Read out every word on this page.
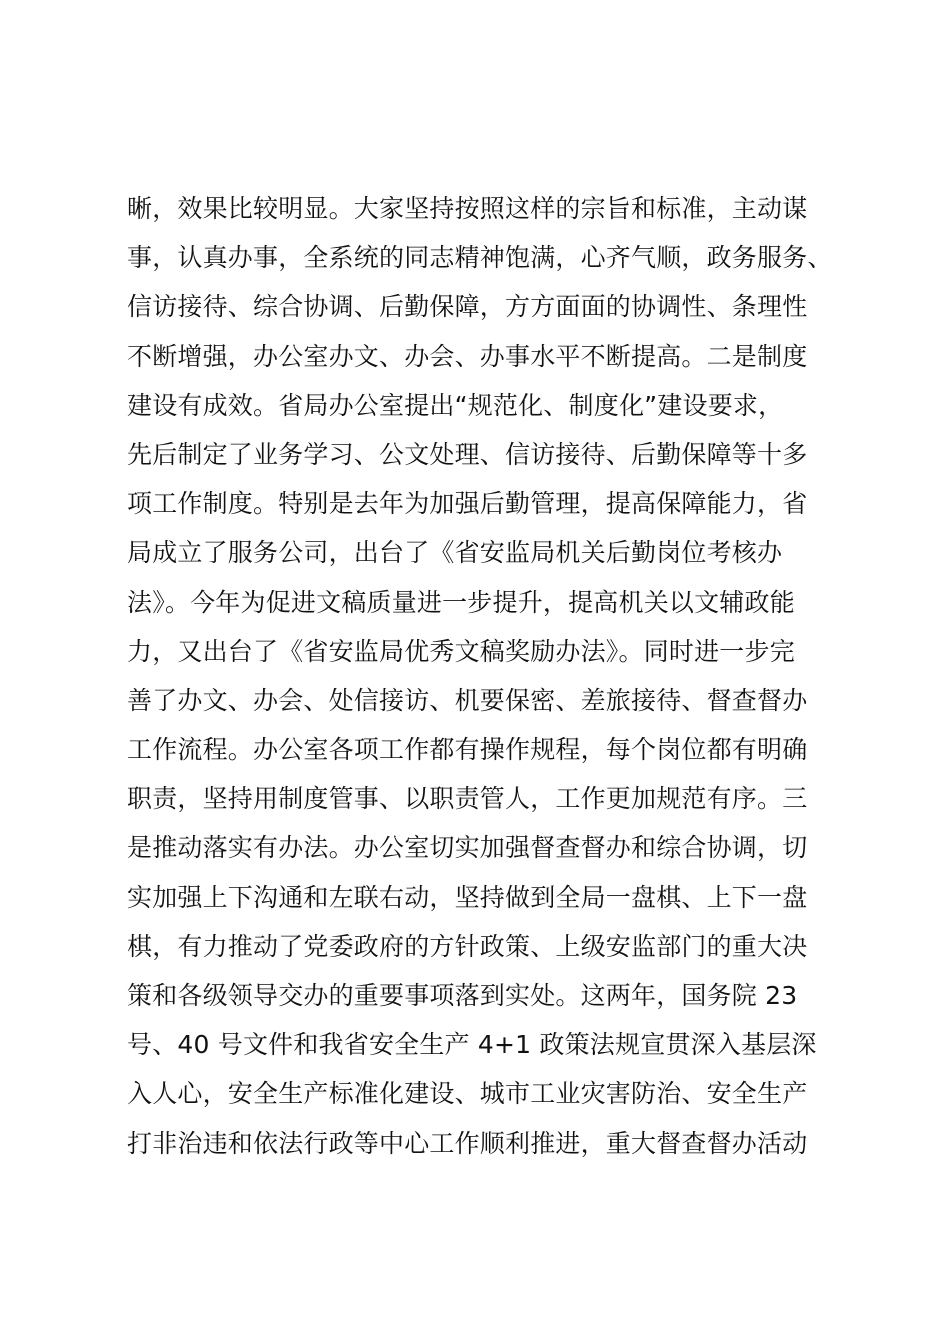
晰，效果比较明显。大家坚持按照这样的宗旨和标准，主动谋
事，认真办事，全系统的同志精神饱满，心齐气顺，政务服务、
信访接待、综合协调、后勤保障，方方面面的协调性、条理性
不断增强，办公室办文、办会、办事水平不断提高。二是制度
建设有成效。省局办公室提出“规范化、制度化”建设要求，
先后制定了业务学习、公文处理、信访接待、后勤保障等十多
项工作制度。特别是去年为加强后勤管理，提高保障能力，省
局成立了服务公司，出台了《省安监局机关后勤岗位考核办
法》。今年为促进文稿质量进一步提升，提高机关以文辅政能
力，又出台了《省安监局优秀文稿奖励办法》。同时进一步完
善了办文、办会、处信接访、机要保密、差旅接待、督查督办
工作流程。办公室各项工作都有操作规程，每个岗位都有明确
职责，坚持用制度管事、以职责管人，工作更加规范有序。三
是推动落实有办法。办公室切实加强督查督办和综合协调，切
实加强上下沟通和左联右动，坚持做到全局一盘棋、上下一盘
棋，有力推动了党委政府的方针政策、上级安监部门的重大决
策和各级领导交办的重要事项落到实处。这两年，国务院 23
号、40 号文件和我省安全生产 4+1 政策法规宣贯深入基层深
入人心，安全生产标准化建设、城市工业灾害防治、安全生产
打非治违和依法行政等中心工作顺利推进，重大督查督办活动
